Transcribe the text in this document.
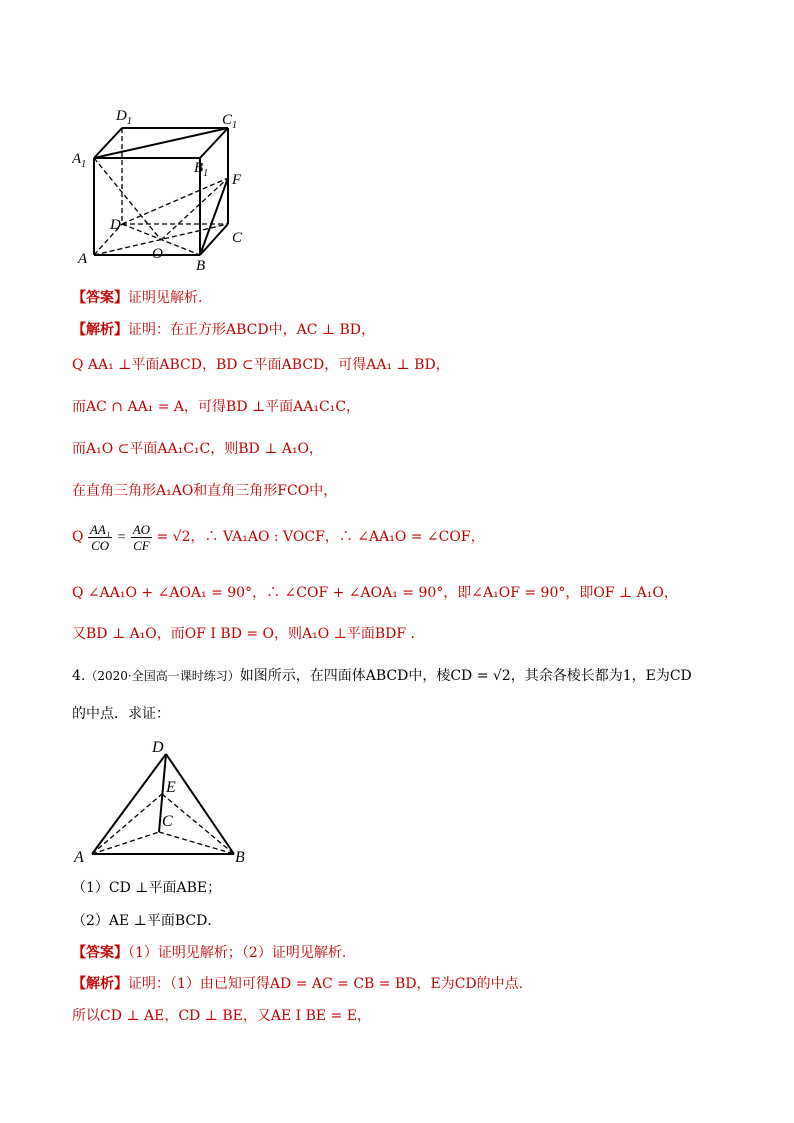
$D_1$	$C_1$
$A_1$	$B_1$ F
D
C
A	O
B
【答案】证明见解析.
【解析】证明：在正方形ABCD中，AC ⊥ BD，
Q AA₁ ⊥平面ABCD，BD ⊂平面ABCD，可得AA₁ ⊥ BD，
而AC ∩ AA₁ = A，可得BD ⊥平面AA₁C₁C，
而A₁O ⊂平面AA₁C₁C，则BD ⊥ A₁O，
在直角三角形A₁AO和直角三角形FCO中，
Q $\frac{\text{AA₁}}{CO} = \frac{AO}{CF} = √2$，∴ VA₁AO : VOCF，∴ ∠AA₁O = ∠COF，
Q ∠AA₁O + ∠AOA₁ = 90°，∴ ∠COF + ∠AOA₁ = 90°，即∠A₁OF = 90°，即OF ⊥ A₁O，
又BD ⊥ A₁O，而OF I BD = O，则A₁O ⊥平面BDF .
4.（2020·全国高一课时练习）如图所示，在四面体ABCD中，棱CD = √2，其余各棱长都为1，E为CD
的中点．求证：
D
E
C
A	B
（1）CD ⊥平面ABE；
（2）AE ⊥平面BCD．
【答案】（1）证明见解析；（2）证明见解析.
【解析】证明：（1）由已知可得AD = AC = CB = BD，E为CD的中点.
所以CD ⊥ AE，CD ⊥ BE，又AE I BE = E，
